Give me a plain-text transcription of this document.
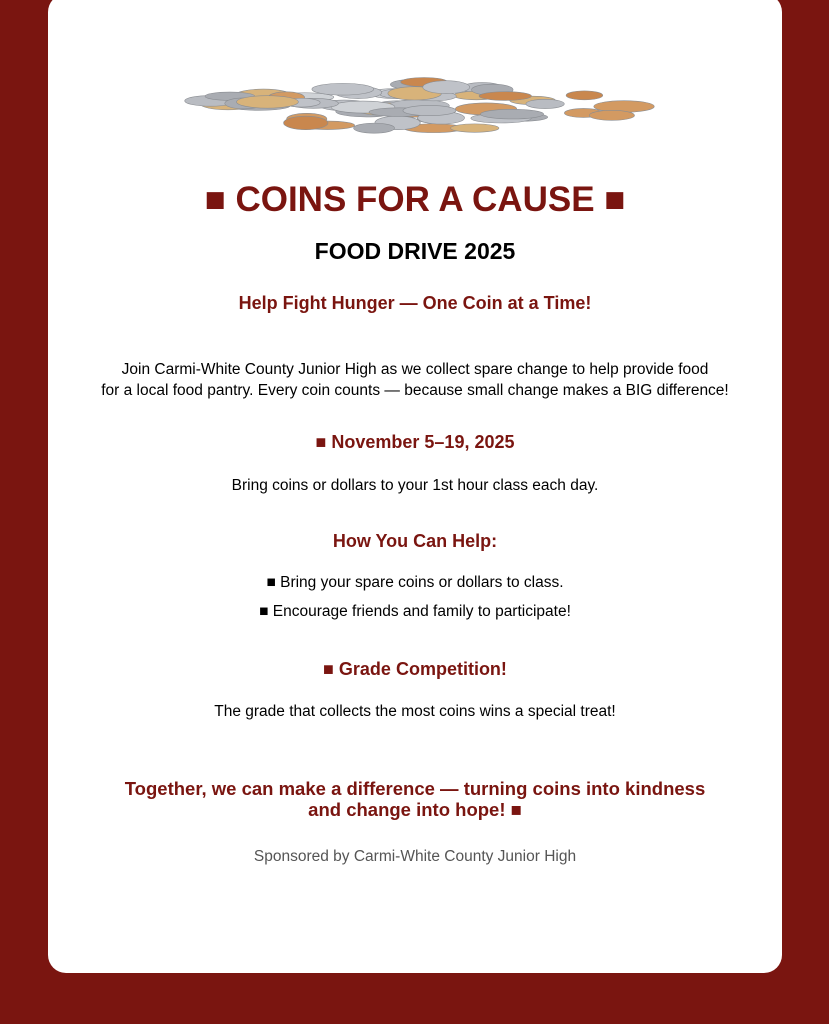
■ COINS FOR A CAUSE ■
FOOD DRIVE 2025
Help Fight Hunger — One Coin at a Time!
Join Carmi-White County Junior High as we collect spare change to help provide food
for a local food pantry. Every coin counts — because small change makes a BIG difference!
■ November 5–19, 2025
Bring coins or dollars to your 1st hour class each day.
How You Can Help:
■ Bring your spare coins or dollars to class.
■ Encourage friends and family to participate!
■ Grade Competition!
The grade that collects the most coins wins a special treat!
Together, we can make a difference — turning coins into kindness
and change into hope! ■
Sponsored by Carmi-White County Junior High
